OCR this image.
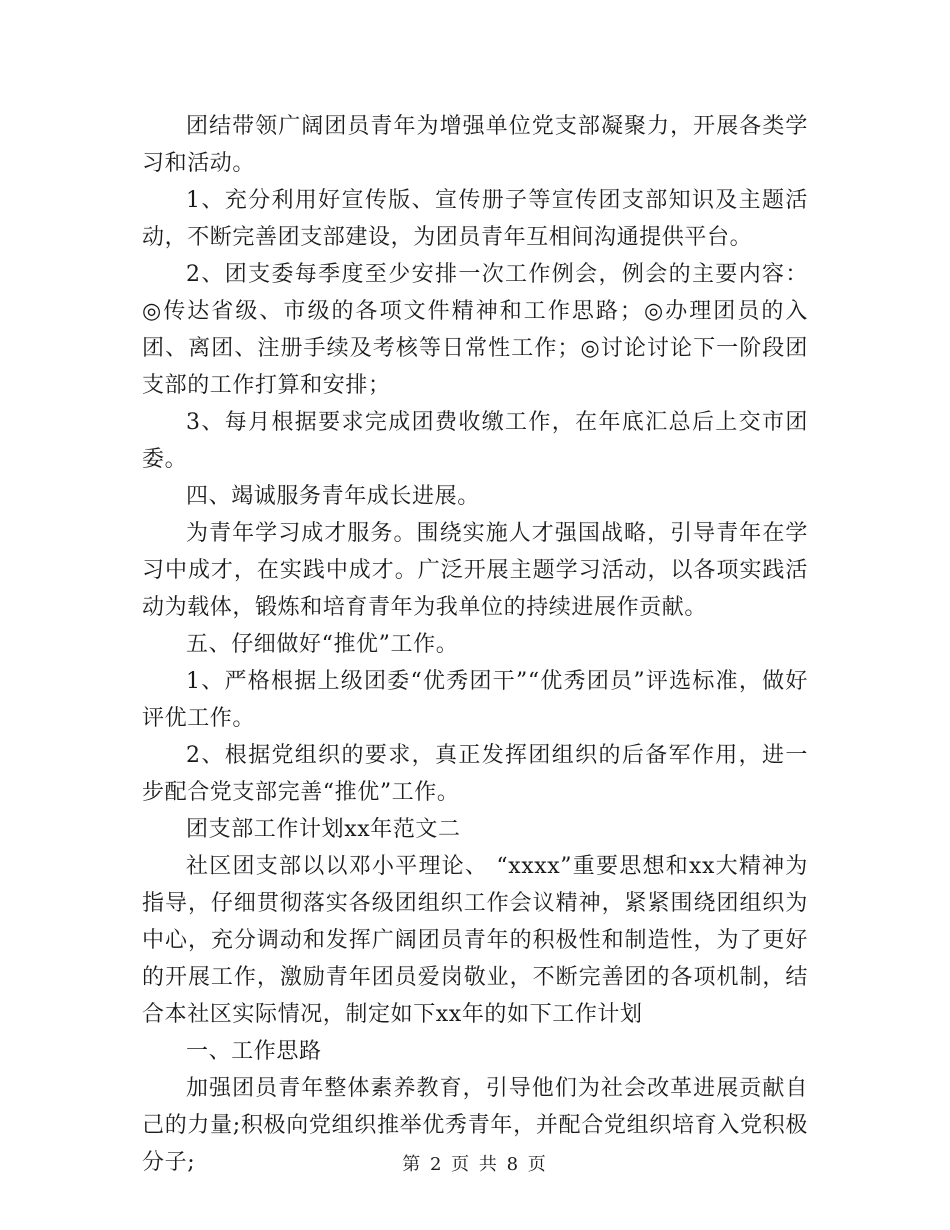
团结带领广阔团员青年为增强单位党支部凝聚力，开展各类学习和活动。

1、充分利用好宣传版、宣传册子等宣传团支部知识及主题活动，不断完善团支部建设，为团员青年互相间沟通提供平台。

2、团支委每季度至少安排一次工作例会，例会的主要内容： ◎传达省级、市级的各项文件精神和工作思路；◎办理团员的入团、离团、注册手续及考核等日常性工作；◎讨论讨论下一阶段团支部的工作打算和安排；

3、每月根据要求完成团费收缴工作，在年底汇总后上交市团委。

四、竭诚服务青年成长进展。

为青年学习成才服务。围绕实施人才强国战略，引导青年在学习中成才，在实践中成才。广泛开展主题学习活动，以各项实践活动为载体，锻炼和培育青年为我单位的持续进展作贡献。

五、仔细做好“推优”工作。

1、严格根据上级团委“优秀团干”“优秀团员”评选标准，做好评优工作。

2、根据党组织的要求，真正发挥团组织的后备军作用，进一步配合党支部完善“推优”工作。

团支部工作计划xx年范文二

社区团支部以以邓小平理论、 “xxxx”重要思想和xx大精神为指导，仔细贯彻落实各级团组织工作会议精神，紧紧围绕团组织为中心，充分调动和发挥广阔团员青年的积极性和制造性，为了更好的开展工作，激励青年团员爱岗敬业，不断完善团的各项机制，结合本社区实际情况，制定如下xx年的如下工作计划

一、工作思路

加强团员青年整体素养教育，引导他们为社会改革进展贡献自己的力量;积极向党组织推举优秀青年，并配合党组织培育入党积极分子;	第 2 页 共 8 页
